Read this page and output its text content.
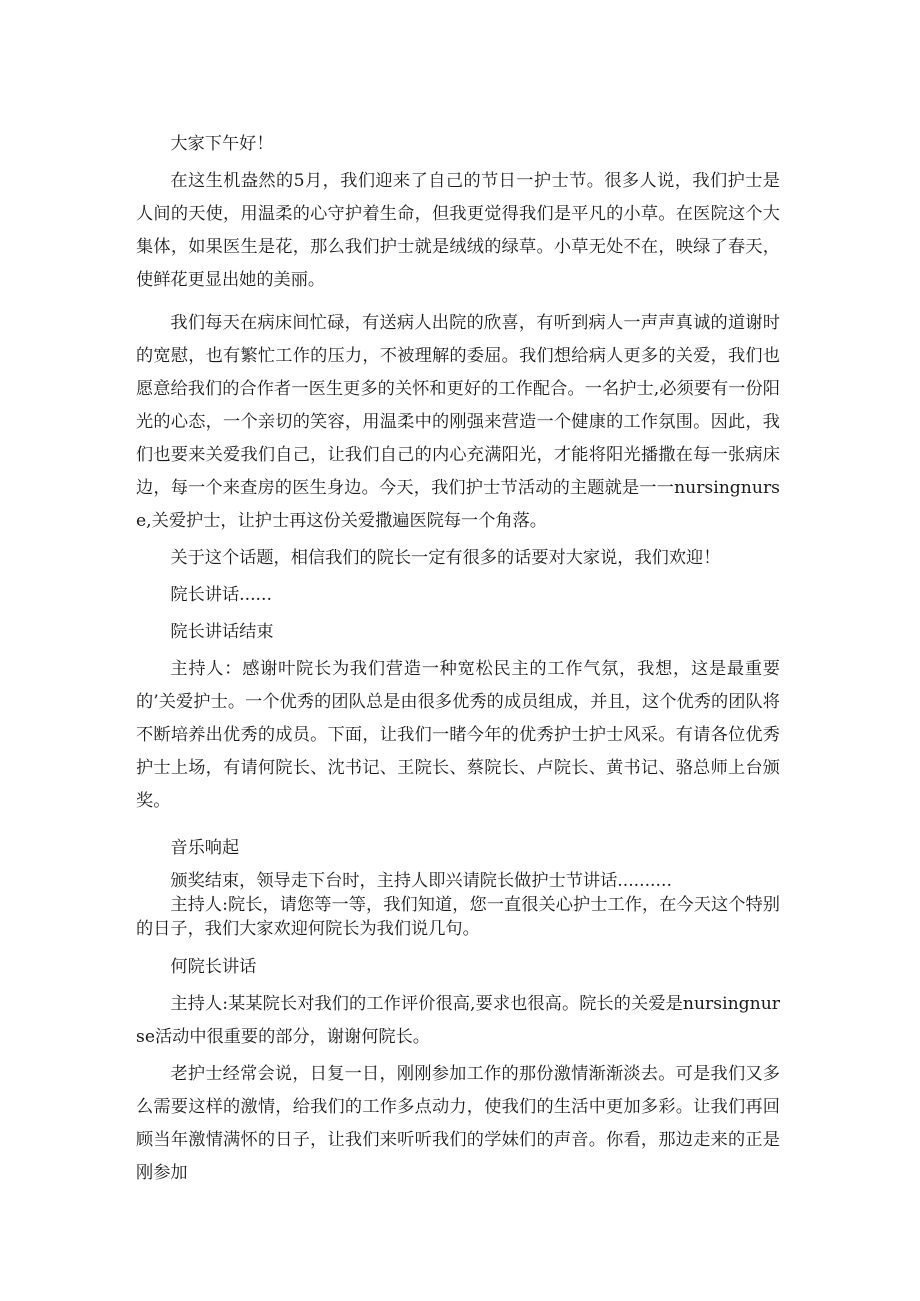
大家下午好！

在这生机盎然的5月，我们迎来了自己的节日一护士节。很多人说，我们护士是人间的天使，用温柔的心守护着生命，但我更觉得我们是平凡的小草。在医院这个大集体，如果医生是花，那么我们护士就是绒绒的绿草。小草无处不在，映绿了春天，使鲜花更显出她的美丽。

我们每天在病床间忙碌，有送病人出院的欣喜，有听到病人一声声真诚的道谢时的宽慰，也有繁忙工作的压力，不被理解的委屈。我们想给病人更多的关爱，我们也愿意给我们的合作者一医生更多的关怀和更好的工作配合。一名护士,必须要有一份阳光的心态，一个亲切的笑容，用温柔中的刚强来营造一个健康的工作氛围。因此，我们也要来关爱我们自己，让我们自己的内心充满阳光，才能将阳光播撒在每一张病床边，每一个来查房的医生身边。今天，我们护士节活动的主题就是一一nursingnurse,关爱护士，让护士再这份关爱撒遍医院每一个角落。

关于这个话题，相信我们的院长一定有很多的话要对大家说，我们欢迎！

院长讲话......

院长讲话结束

主持人：感谢叶院长为我们营造一种宽松民主的工作气氛，我想，这是最重要的’关爱护士。一个优秀的团队总是由很多优秀的成员组成，并且，这个优秀的团队将不断培养出优秀的成员。下面，让我们一睹今年的优秀护士护士风采。有请各位优秀护士上场，有请何院长、沈书记、王院长、蔡院长、卢院长、黄书记、骆总师上台颁奖。

音乐响起

颁奖结束，领导走下台时，主持人即兴请院长做护士节讲话..........

主持人:院长，请您等一等，我们知道，您一直很关心护士工作，在今天这个特别的日子，我们大家欢迎何院长为我们说几句。

何院长讲话

主持人:某某院长对我们的工作评价很高,要求也很高。院长的关爱是nursingnurse活动中很重要的部分，谢谢何院长。

老护士经常会说，日复一日，刚刚参加工作的那份激情渐渐淡去。可是我们又多么需要这样的激情，给我们的工作多点动力，使我们的生活中更加多彩。让我们再回顾当年激情满怀的日子，让我们来听听我们的学妹们的声音。你看，那边走来的正是刚参加
